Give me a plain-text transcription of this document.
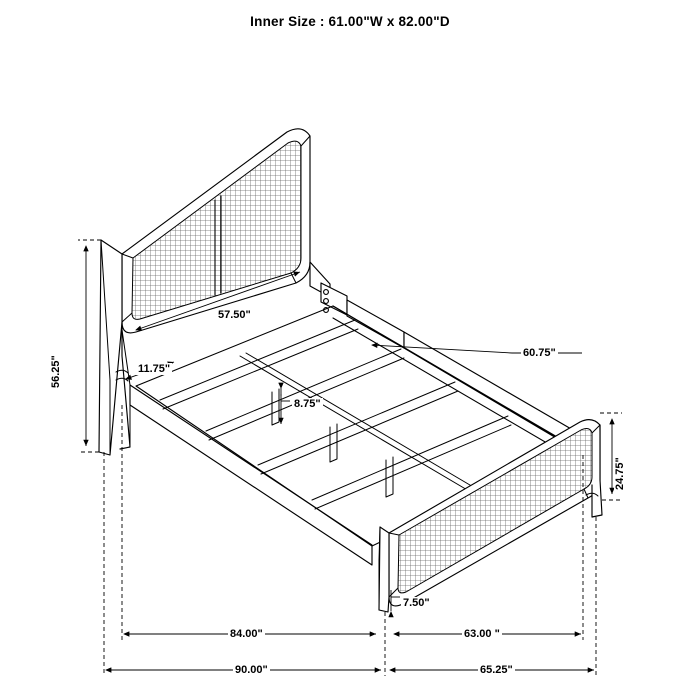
Inner Size : 61.00"W x 82.00"D
56.25"
57.50"
11.75"
60.75"
8.75"
24.75"
7.50"
84.00"	63.00 "
90.00"	65.25"
